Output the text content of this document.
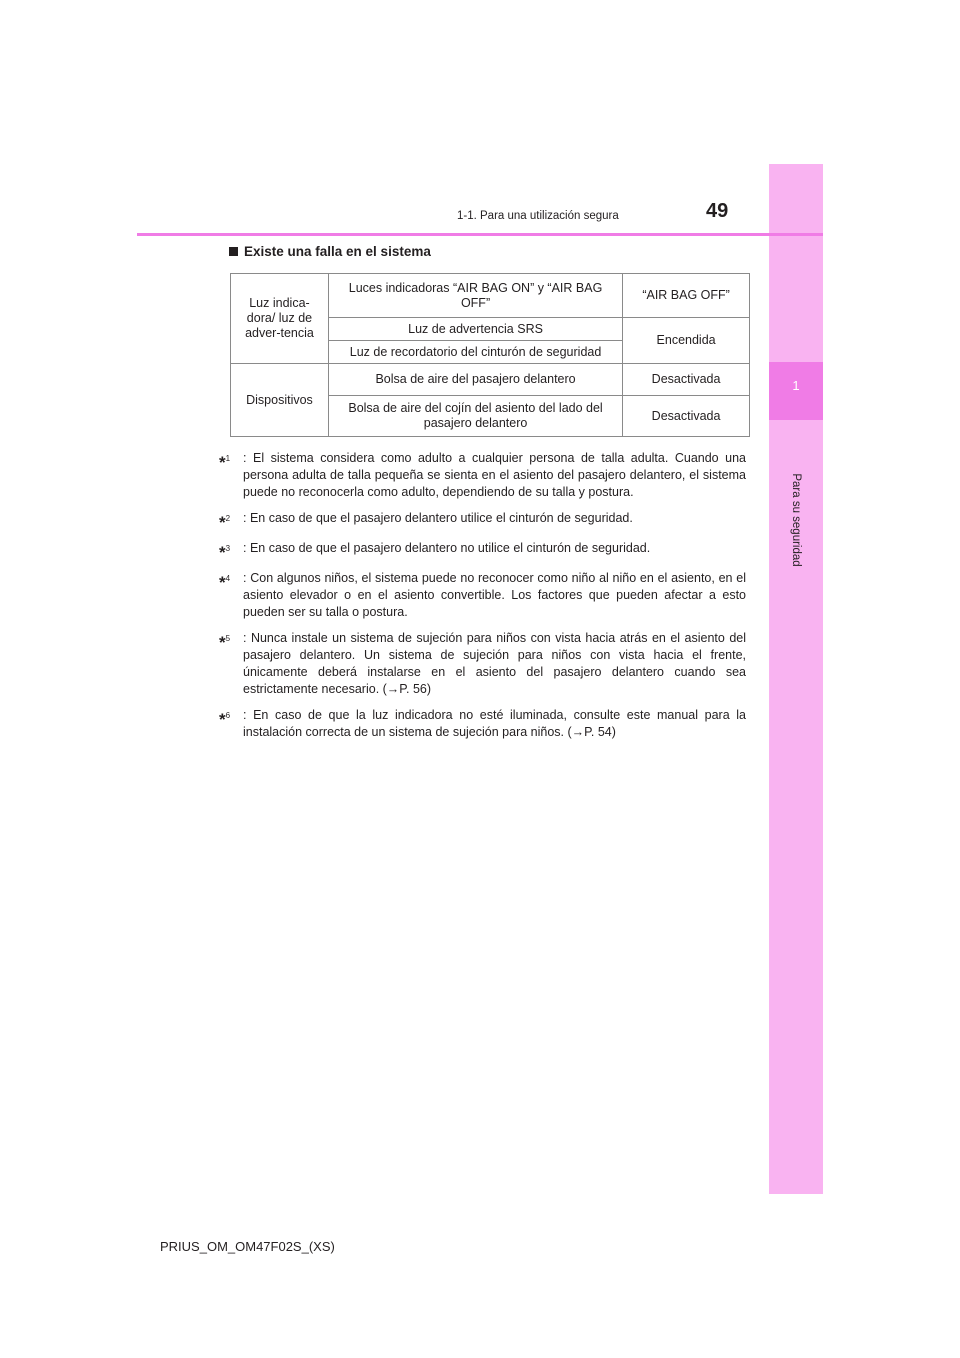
1
Para su seguridad
1-1. Para una utilización segura	49
Existe una falla en el sistema
Luz indica-dora/ luz de adver-tencia	Luces indicadoras “AIR BAG ON” y “AIR BAG OFF”	“AIR BAG OFF”
	Luz de advertencia SRS	Encendida
	Luz de recordatorio del cinturón de seguridad	
Dispositivos	Bolsa de aire del pasajero delantero	Desactivada
	Bolsa de aire del cojín del asiento del lado del pasajero delantero	Desactivada
*$^1$	: El sistema considera como adulto a cualquier persona de talla adulta. Cuando una persona adulta de talla pequeña se sienta en el asiento del pasajero delantero, el sistema puede no reconocerla como adulto, dependiendo de su talla y postura.
*$^2$	: En caso de que el pasajero delantero utilice el cinturón de seguridad.
*$^3$	: En caso de que el pasajero delantero no utilice el cinturón de seguridad.
*$^4$	: Con algunos niños, el sistema puede no reconocer como niño al niño en el asiento, en el asiento elevador o en el asiento convertible. Los factores que pueden afectar a esto pueden ser su talla o postura.
*$^5$	: Nunca instale un sistema de sujeción para niños con vista hacia atrás en el asiento del pasajero delantero. Un sistema de sujeción para niños con vista hacia el frente, únicamente deberá instalarse en el asiento del pasajero delantero cuando sea estrictamente necesario. (→P. 56)
*$^6$	: En caso de que la luz indicadora no esté iluminada, consulte este manual para la instalación correcta de un sistema de sujeción para niños. (→P. 54)
PRIUS_OM_OM47F02S_(XS)
